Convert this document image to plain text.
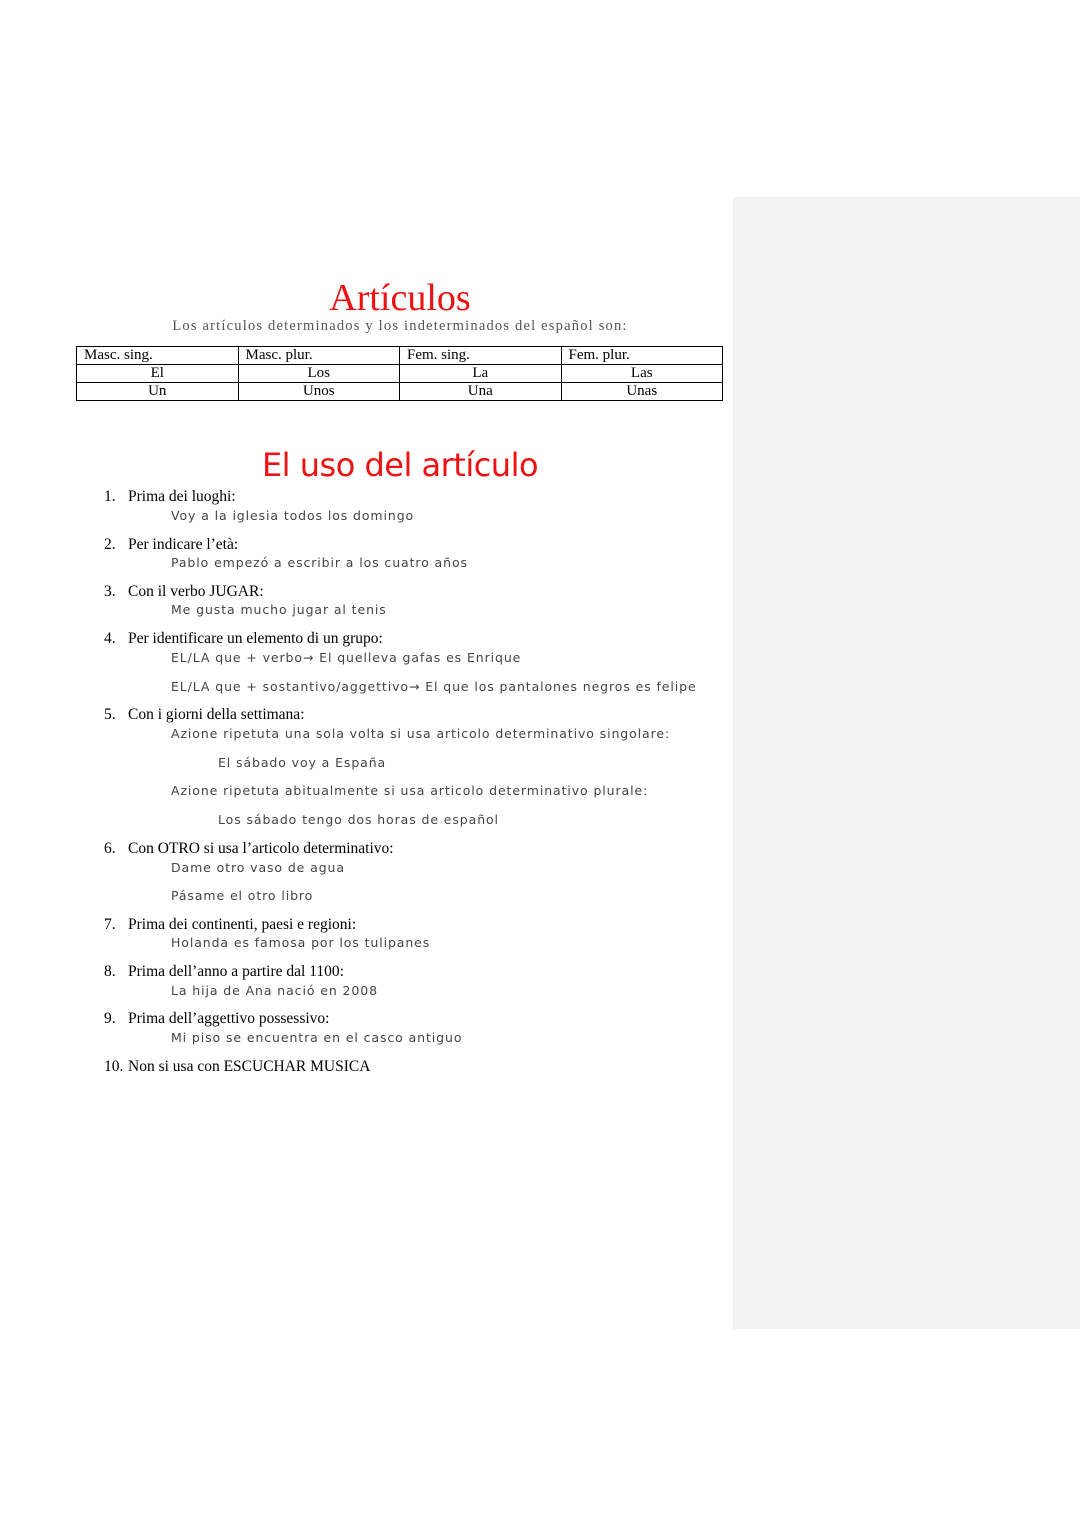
Artículos

Los artículos determinados y los indeterminados del español son:

Masc. sing.	Masc. plur.	Fem. sing.	Fem. plur.
El	Los	La	Las
Un	Unos	Una	Unas
El uso del artículo
1. Prima dei luoghi:
Voy a la iglesia todos los domingo
2. Per indicare l’età:
Pablo empezó a escribir a los cuatro años
3. Con il verbo JUGAR:
Me gusta mucho jugar al tenis
4. Per identificare un elemento di un grupo:
EL/LA que + verbo→ El quelleva gafas es Enrique
EL/LA que + sostantivo/aggettivo→ El que los pantalones negros es felipe
5. Con i giorni della settimana:
Azione ripetuta una sola volta si usa articolo determinativo singolare:
El sábado voy a España
Azione ripetuta abitualmente si usa articolo determinativo plurale:
Los sábado tengo dos horas de español
6. Con OTRO si usa l’articolo determinativo:
Dame otro vaso de agua
Pásame el otro libro
7. Prima dei continenti, paesi e regioni:
Holanda es famosa por los tulipanes
8. Prima dell’anno a partire dal 1100:
La hija de Ana nació en 2008
9. Prima dell’aggettivo possessivo:
Mi piso se encuentra en el casco antiguo
10. Non si usa con ESCUCHAR MUSICA
